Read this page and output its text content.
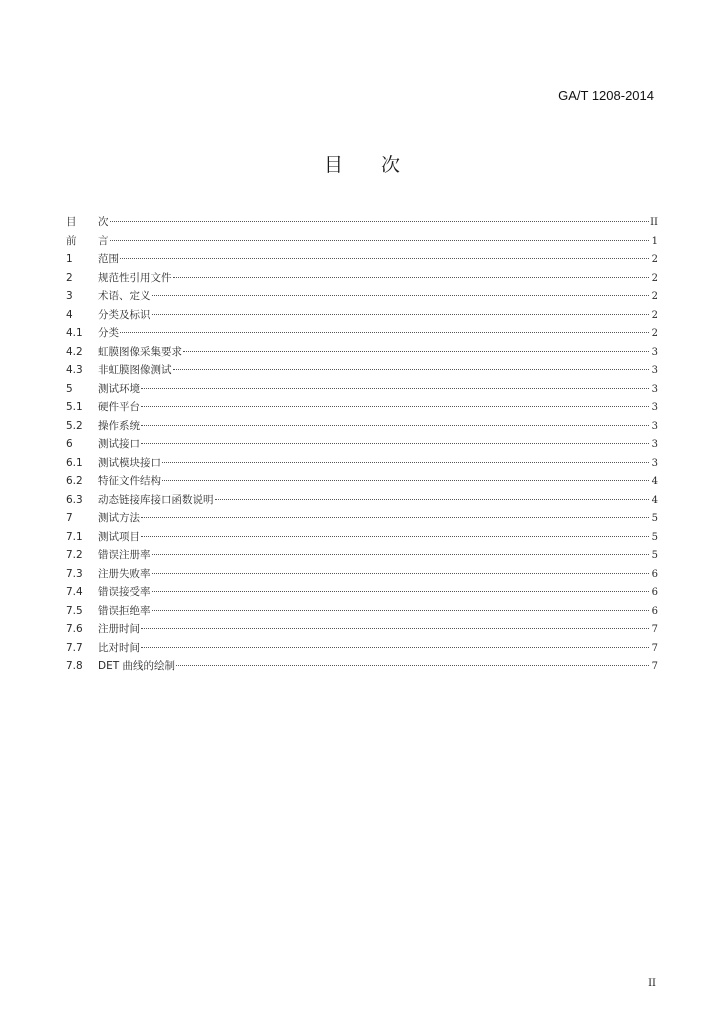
GA/T 1208-2014
目 次
目	次	II
前	言	1
1	范围	2
2	规范性引用文件	2
3	术语、定义	2
4	分类及标识	2
4.1	分类	2
4.2	虹膜图像采集要求	3
4.3	非虹膜图像测试	3
5	测试环境	3
5.1	硬件平台	3
5.2	操作系统	3
6	测试接口	3
6.1	测试模块接口	3
6.2	特征文件结构	4
6.3	动态链接库接口函数说明	4
7	测试方法	5
7.1	测试项目	5
7.2	错误注册率	5
7.3	注册失败率	6
7.4	错误接受率	6
7.5	错误拒绝率	6
7.6	注册时间	7
7.7	比对时间	7
7.8	DET 曲线的绘制	7
II
